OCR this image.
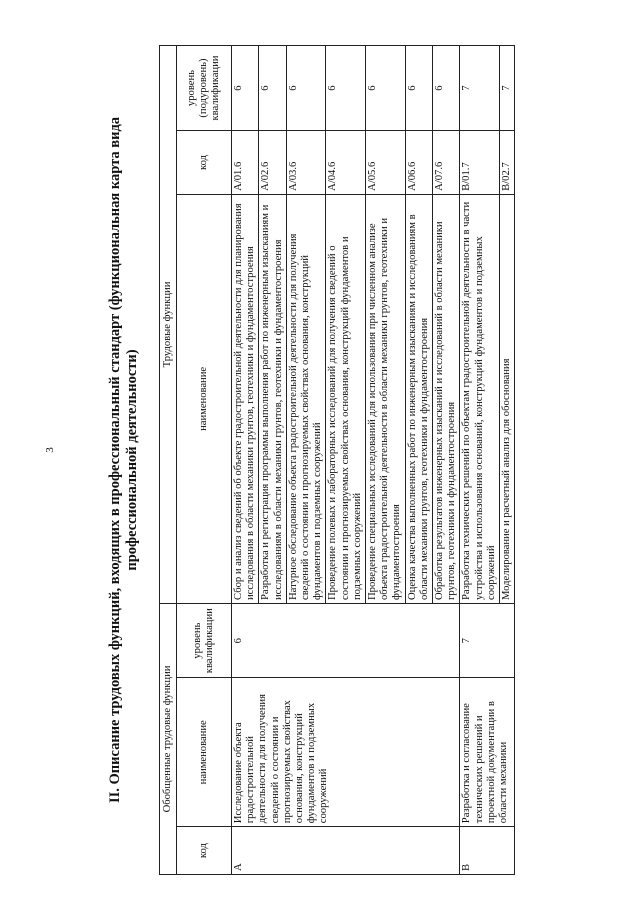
3	II. Описание трудовых функций, входящих в профессиональный стандарт (функциональная карта вида профессиональной деятельности)
Обобщенные трудовые функции			Трудовые функции		
код	наименование	уровень квалификации	наименование	код	уровень (подуровень) квалификации
A	Исследование объекта градостроительной деятельности для получения сведений о состоянии и прогнозируемых свойствах основания, конструкций фундаментов и подземных сооружений	6	Сбор и анализ сведений об объекте градостроительной деятельности для планирования исследования в области механики грунтов, геотехники и фундаментостроения	A/01.6	6
			Разработка и регистрация программы выполнения работ по инженерным изысканиям и исследованиям в области механики грунтов, геотехники и фундаментостроения	A/02.6	6
			Натурное обследование объекта градостроительной деятельности для получения сведений о состоянии и прогнозируемых свойствах основания, конструкций фундаментов и подземных сооружений	A/03.6	6
			Проведение полевых и лабораторных исследований для получения сведений о состоянии и прогнозируемых свойствах основания, конструкций фундаментов и подземных сооружений	A/04.6	6
			Проведение специальных исследований для использования при численном анализе объекта градостроительной деятельности в области механики грунтов, геотехники и фундаментостроения	A/05.6	6
			Оценка качества выполненных работ по инженерным изысканиям и исследованиям в области механики грунтов, геотехники и фундаментостроения	A/06.6	6
			Обработка результатов инженерных изысканий и исследований в области механики грунтов, геотехники и фундаментостроения	A/07.6	6
B	Разработка и согласование технических решений и проектной документации в области механики	7	Разработка технических решений по объектам градостроительной деятельности в части устройства и использования оснований, конструкций фундаментов и подземных сооружений	B/01.7	7
			Моделирование и расчетный анализ для обоснования	B/02.7	7
